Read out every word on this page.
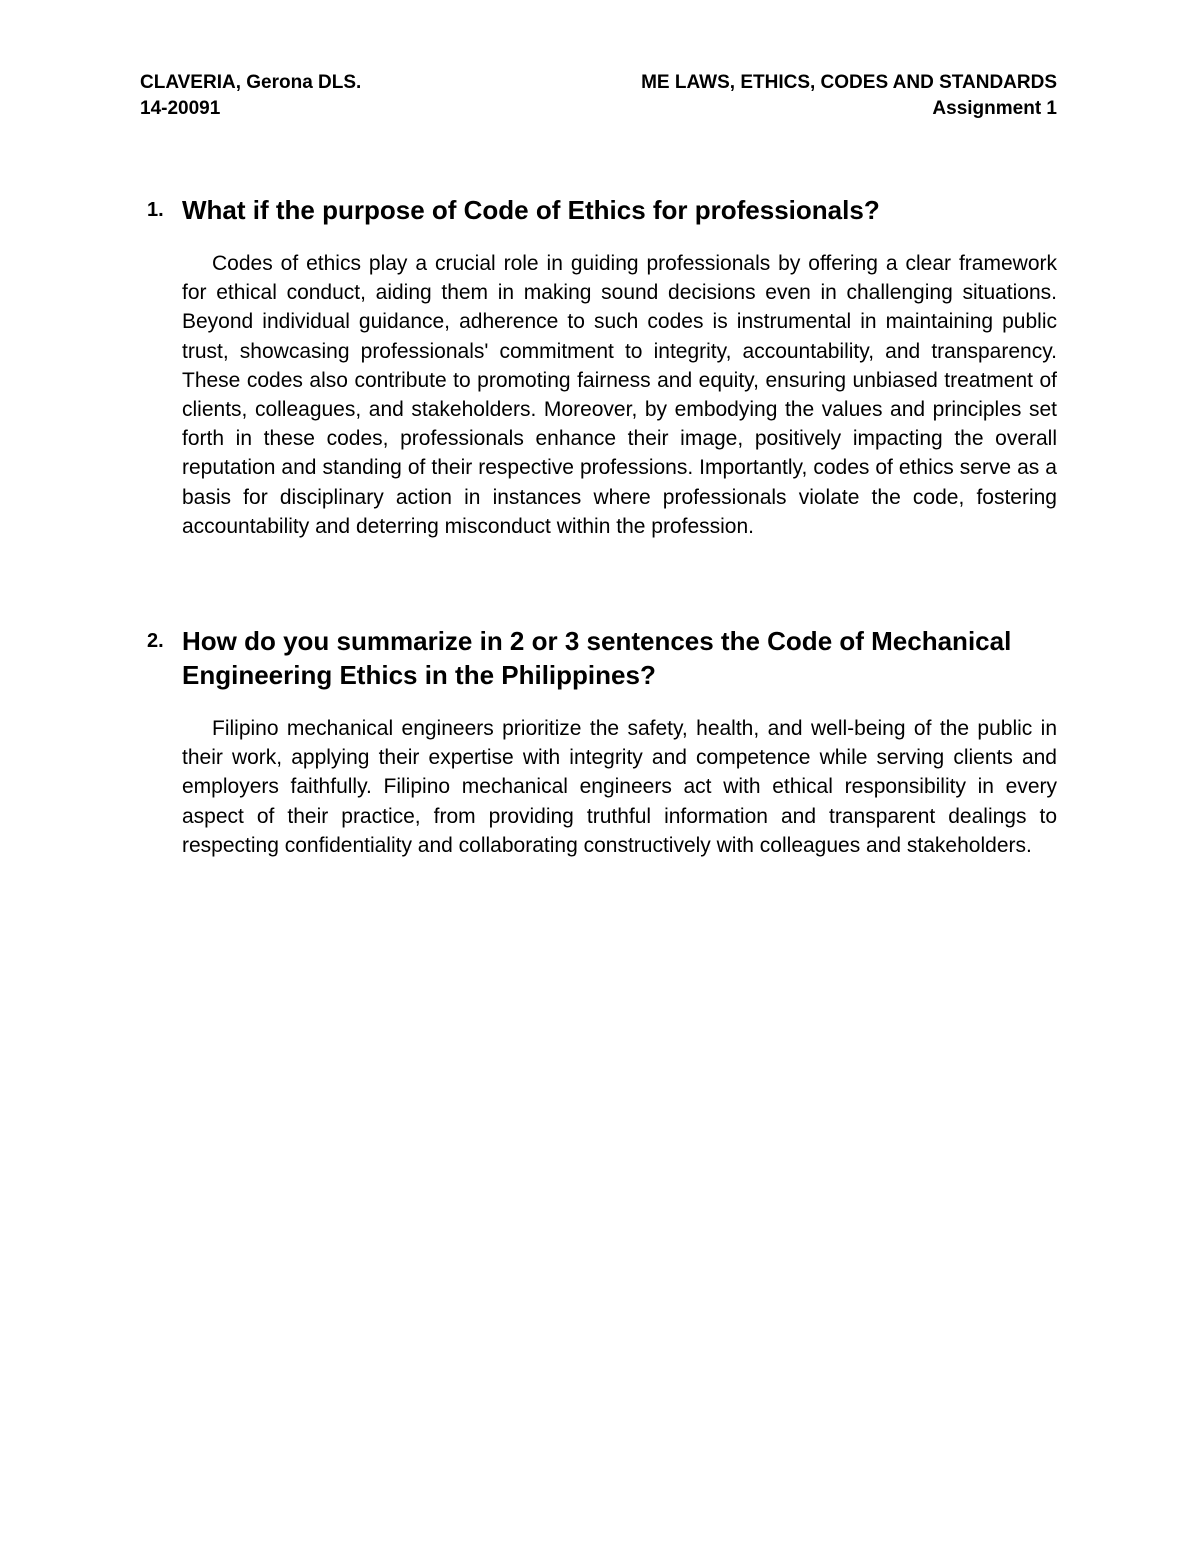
CLAVERIA, Gerona DLS.	ME LAWS, ETHICS, CODES AND STANDARDS
14-20091	Assignment 1
1. What if the purpose of Code of Ethics for professionals?

Codes of ethics play a crucial role in guiding professionals by offering a clear framework for ethical conduct, aiding them in making sound decisions even in challenging situations. Beyond individual guidance, adherence to such codes is instrumental in maintaining public trust, showcasing professionals' commitment to integrity, accountability, and transparency. These codes also contribute to promoting fairness and equity, ensuring unbiased treatment of clients, colleagues, and stakeholders. Moreover, by embodying the values and principles set forth in these codes, professionals enhance their image, positively impacting the overall reputation and standing of their respective professions. Importantly, codes of ethics serve as a basis for disciplinary action in instances where professionals violate the code, fostering accountability and deterring misconduct within the profession.

2. How do you summarize in 2 or 3 sentences the Code of Mechanical Engineering Ethics in the Philippines?

Filipino mechanical engineers prioritize the safety, health, and well-being of the public in their work, applying their expertise with integrity and competence while serving clients and employers faithfully. Filipino mechanical engineers act with ethical responsibility in every aspect of their practice, from providing truthful information and transparent dealings to respecting confidentiality and collaborating constructively with colleagues and stakeholders.
